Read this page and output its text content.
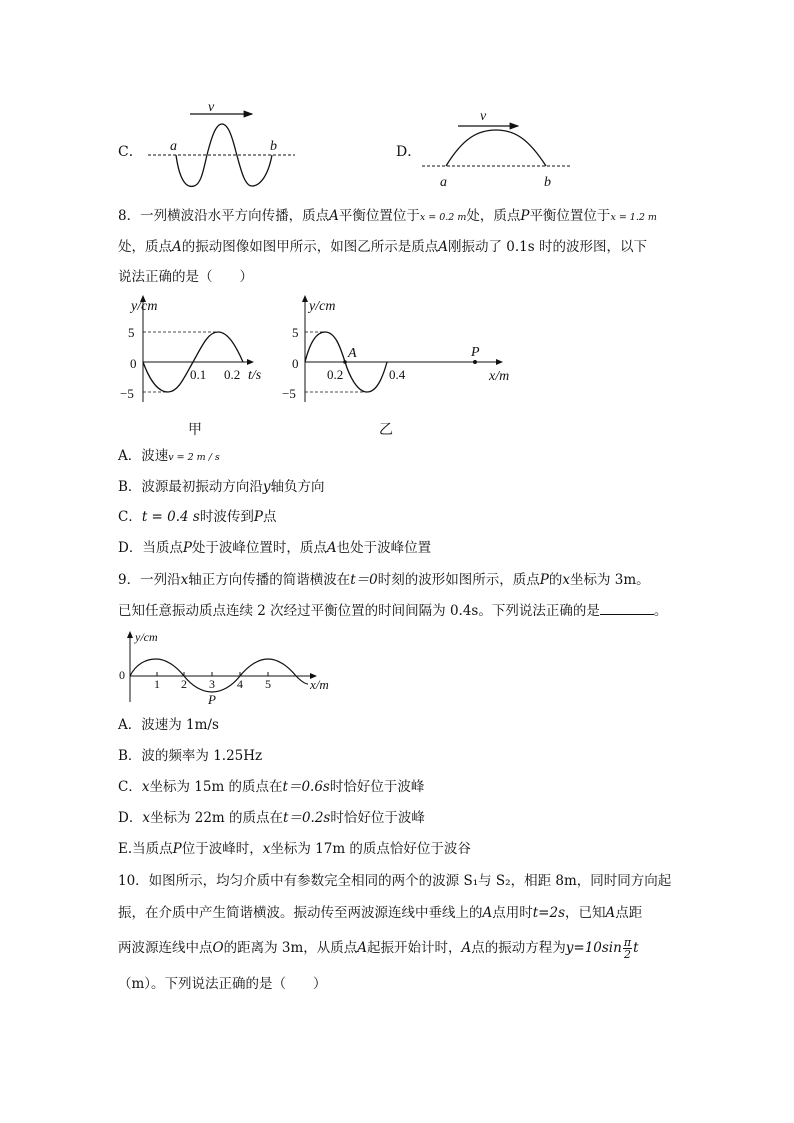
C．
v
a	b	D．
v
a	b
8．一列横波沿水平方向传播，质点A平衡位置位于x = 0.2 m处，质点P平衡位置位于x = 1.2 m
处，质点A的振动图像如图甲所示，如图乙所示是质点A刚振动了 0.1s 时的波形图，以下
说法正确的是（　　）
y/cm
5
0
−5
0.1 0.2 t/s
甲
y/cm
5
0
−5
A	P
0.2	0.4	x/m
乙
A．波速v = 2 m / s
B．波源最初振动方向沿y轴负方向
C．t = 0.4 s时波传到P点
D．当质点P处于波峰位置时，质点A也处于波峰位置
9．一列沿x轴正方向传播的简谐横波在t＝0时刻的波形如图所示，质点P的x坐标为 3m。
已知任意振动质点连续 2 次经过平衡位置的时间间隔为 0.4s。下列说法正确的是	。
y/cm
0
1 2 3 4 5	x/m
P
A．波速为 1m/s
B．波的频率为 1.25Hz
C．x坐标为 15m 的质点在t＝0.6s时恰好位于波峰
D．x坐标为 22m 的质点在t＝0.2s时恰好位于波峰
E.当质点P位于波峰时，x坐标为 17m 的质点恰好位于波谷
10．如图所示，均匀介质中有参数完全相同的两个的波源 S₁与 S₂，相距 8m，同时同方向起
振，在介质中产生简谐横波。振动传至两波源连线中垂线上的A点用时t=2s，已知A点距
两波源连线中点O的距离为 3m，从质点A起振开始计时，A点的振动方程为$y=10\sin \frac{\pi}{2}$ t
（m）。下列说法正确的是（　　）
